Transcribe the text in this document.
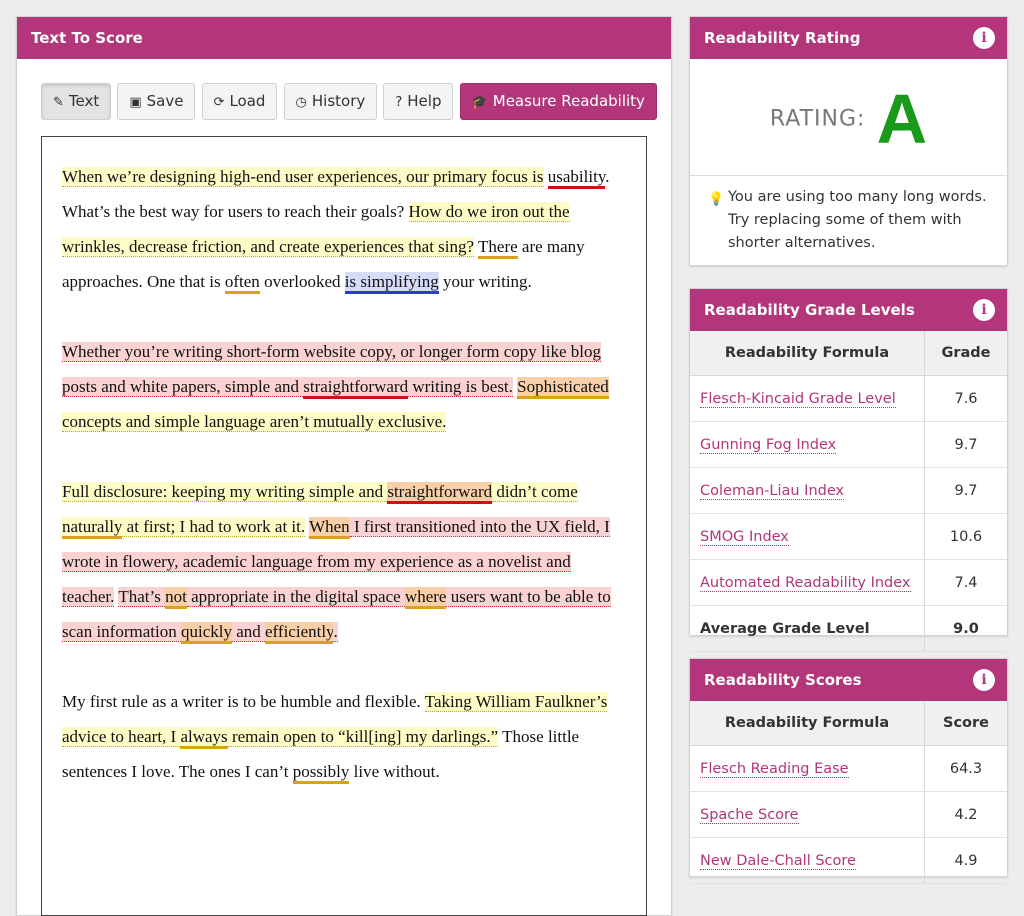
Text To Score
✎ Text ▣ Save ⟳ Load ◷ History ? Help 🎓 Measure Readability

When we’re designing high-end user experiences, our primary focus is usability. What’s the best way for users to reach their goals? How do we iron out the wrinkles, decrease friction, and create experiences that sing? There are many approaches. One that is often overlooked is simplifying your writing.

Whether you’re writing short-form website copy, or longer form copy like blog posts and white papers, simple and straightforward writing is best. Sophisticated concepts and simple language aren’t mutually exclusive.

Full disclosure: keeping my writing simple and straightforward didn’t come naturally at first; I had to work at it. When I first transitioned into the UX field, I wrote in flowery, academic language from my experience as a novelist and teacher. That’s not appropriate in the digital space where users want to be able to scan information quickly and efficiently.

My first rule as a writer is to be humble and flexible. Taking William Faulkner’s advice to heart, I always remain open to “kill[ing] my darlings.” Those little sentences I love. The ones I can’t possibly live without.

Readability Rating	i
RATING: A
💡 You are using too many long words. Try replacing some of them with shorter alternatives.
Readability Grade Levels	i
Readability Formula	Grade
Flesch-Kincaid Grade Level	7.6
Gunning Fog Index	9.7
Coleman-Liau Index	9.7
SMOG Index	10.6
Automated Readability Index	7.4
Average Grade Level	9.0
Readability Scores	i
Readability Formula	Score
Flesch Reading Ease	64.3
Spache Score	4.2
New Dale-Chall Score	4.9
